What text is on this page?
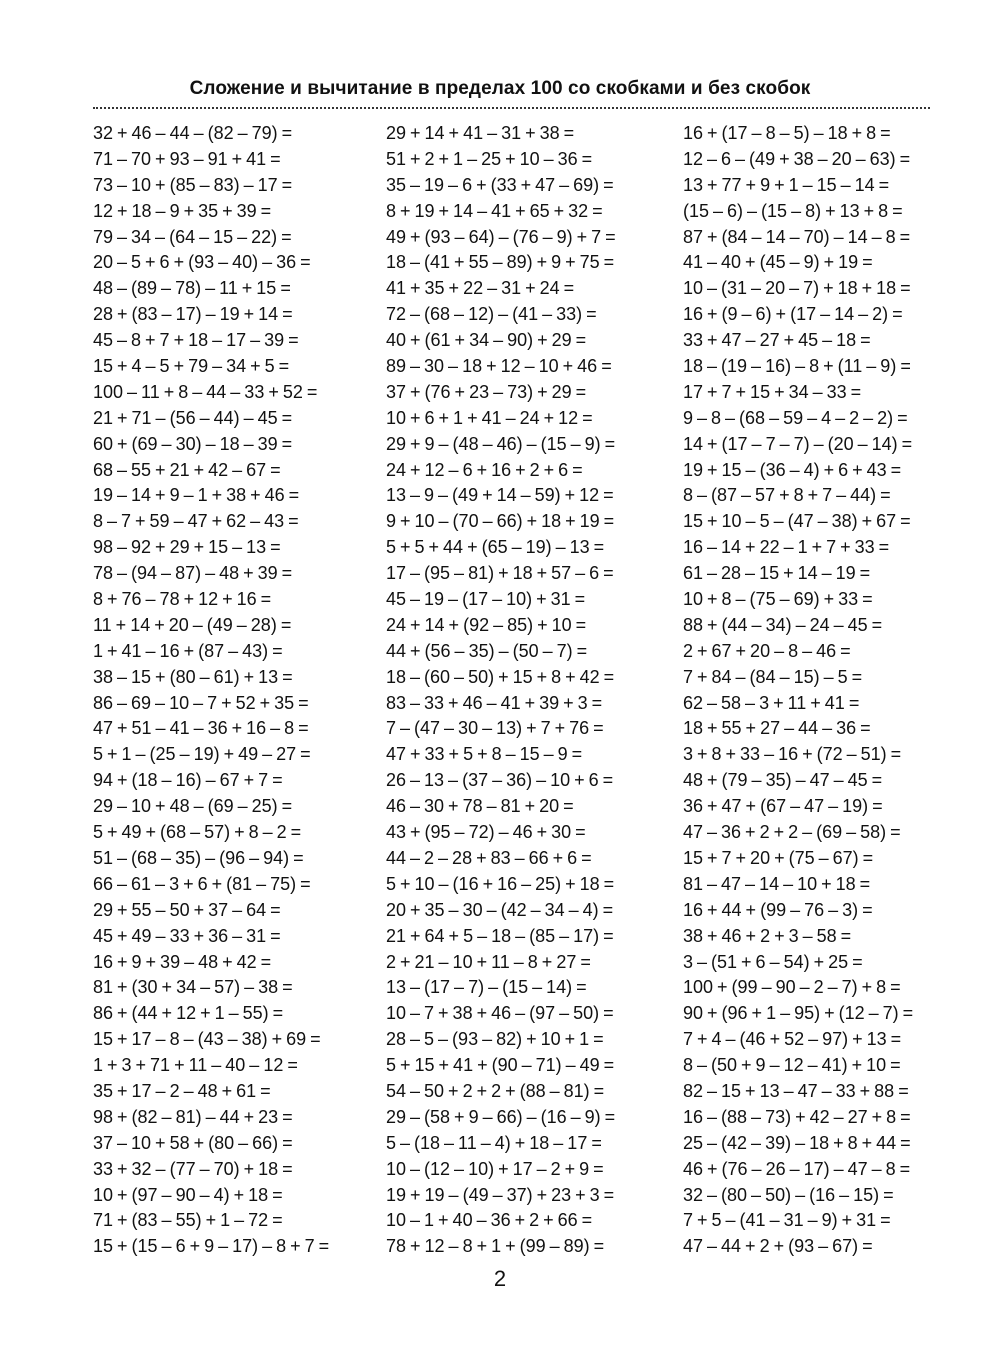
Сложение и вычитание в пределах 100 со скобками и без скобок
32 + 46 – 44 – (82 – 79) =
71 – 70 + 93 – 91 + 41 =
73 – 10 + (85 – 83) – 17 =
12 + 18 – 9 + 35 + 39 =
79 – 34 – (64 – 15 – 22) =
20 – 5 + 6 + (93 – 40) – 36 =
48 – (89 – 78) – 11 + 15 =
28 + (83 – 17) – 19 + 14 =
45 – 8 + 7 + 18 – 17 – 39 =
15 + 4 – 5 + 79 – 34 + 5 =
100 – 11 + 8 – 44 – 33 + 52 =
21 + 71 – (56 – 44) – 45 =
60 + (69 – 30) – 18 – 39 =
68 – 55 + 21 + 42 – 67 =
19 – 14 + 9 – 1 + 38 + 46 =
8 – 7 + 59 – 47 + 62 – 43 =
98 – 92 + 29 + 15 – 13 =
78 – (94 – 87) – 48 + 39 =
8 + 76 – 78 + 12 + 16 =
11 + 14 + 20 – (49 – 28) =
1 + 41 – 16 + (87 – 43) =
38 – 15 + (80 – 61) + 13 =
86 – 69 – 10 – 7 + 52 + 35 =
47 + 51 – 41 – 36 + 16 – 8 =
5 + 1 – (25 – 19) + 49 – 27 =
94 + (18 – 16) – 67 + 7 =
29 – 10 + 48 – (69 – 25) =
5 + 49 + (68 – 57) + 8 – 2 =
51 – (68 – 35) – (96 – 94) =
66 – 61 – 3 + 6 + (81 – 75) =
29 + 55 – 50 + 37 – 64 =
45 + 49 – 33 + 36 – 31 =
16 + 9 + 39 – 48 + 42 =
81 + (30 + 34 – 57) – 38 =
86 + (44 + 12 + 1 – 55) =
15 + 17 – 8 – (43 – 38) + 69 =
1 + 3 + 71 + 11 – 40 – 12 =
35 + 17 – 2 – 48 + 61 =
98 + (82 – 81) – 44 + 23 =
37 – 10 + 58 + (80 – 66) =
33 + 32 – (77 – 70) + 18 =
10 + (97 – 90 – 4) + 18 =
71 + (83 – 55) + 1 – 72 =
15 + (15 – 6 + 9 – 17) – 8 + 7 =
29 + 14 + 41 – 31 + 38 =
51 + 2 + 1 – 25 + 10 – 36 =
35 – 19 – 6 + (33 + 47 – 69) =
8 + 19 + 14 – 41 + 65 + 32 =
49 + (93 – 64) – (76 – 9) + 7 =
18 – (41 + 55 – 89) + 9 + 75 =
41 + 35 + 22 – 31 + 24 =
72 – (68 – 12) – (41 – 33) =
40 + (61 + 34 – 90) + 29 =
89 – 30 – 18 + 12 – 10 + 46 =
37 + (76 + 23 – 73) + 29 =
10 + 6 + 1 + 41 – 24 + 12 =
29 + 9 – (48 – 46) – (15 – 9) =
24 + 12 – 6 + 16 + 2 + 6 =
13 – 9 – (49 + 14 – 59) + 12 =
9 + 10 – (70 – 66) + 18 + 19 =
5 + 5 + 44 + (65 – 19) – 13 =
17 – (95 – 81) + 18 + 57 – 6 =
45 – 19 – (17 – 10) + 31 =
24 + 14 + (92 – 85) + 10 =
44 + (56 – 35) – (50 – 7) =
18 – (60 – 50) + 15 + 8 + 42 =
83 – 33 + 46 – 41 + 39 + 3 =
7 – (47 – 30 – 13) + 7 + 76 =
47 + 33 + 5 + 8 – 15 – 9 =
26 – 13 – (37 – 36) – 10 + 6 =
46 – 30 + 78 – 81 + 20 =
43 + (95 – 72) – 46 + 30 =
44 – 2 – 28 + 83 – 66 + 6 =
5 + 10 – (16 + 16 – 25) + 18 =
20 + 35 – 30 – (42 – 34 – 4) =
21 + 64 + 5 – 18 – (85 – 17) =
2 + 21 – 10 + 11 – 8 + 27 =
13 – (17 – 7) – (15 – 14) =
10 – 7 + 38 + 46 – (97 – 50) =
28 – 5 – (93 – 82) + 10 + 1 =
5 + 15 + 41 + (90 – 71) – 49 =
54 – 50 + 2 + 2 + (88 – 81) =
29 – (58 + 9 – 66) – (16 – 9) =
5 – (18 – 11 – 4) + 18 – 17 =
10 – (12 – 10) + 17 – 2 + 9 =
19 + 19 – (49 – 37) + 23 + 3 =
10 – 1 + 40 – 36 + 2 + 66 =
78 + 12 – 8 + 1 + (99 – 89) =
16 + (17 – 8 – 5) – 18 + 8 =
12 – 6 – (49 + 38 – 20 – 63) =
13 + 77 + 9 + 1 – 15 – 14 =
(15 – 6) – (15 – 8) + 13 + 8 =
87 + (84 – 14 – 70) – 14 – 8 =
41 – 40 + (45 – 9) + 19 =
10 – (31 – 20 – 7) + 18 + 18 =
16 + (9 – 6) + (17 – 14 – 2) =
33 + 47 – 27 + 45 – 18 =
18 – (19 – 16) – 8 + (11 – 9) =
17 + 7 + 15 + 34 – 33 =
9 – 8 – (68 – 59 – 4 – 2 – 2) =
14 + (17 – 7 – 7) – (20 – 14) =
19 + 15 – (36 – 4) + 6 + 43 =
8 – (87 – 57 + 8 + 7 – 44) =
15 + 10 – 5 – (47 – 38) + 67 =
16 – 14 + 22 – 1 + 7 + 33 =
61 – 28 – 15 + 14 – 19 =
10 + 8 – (75 – 69) + 33 =
88 + (44 – 34) – 24 – 45 =
2 + 67 + 20 – 8 – 46 =
7 + 84 – (84 – 15) – 5 =
62 – 58 – 3 + 11 + 41 =
18 + 55 + 27 – 44 – 36 =
3 + 8 + 33 – 16 + (72 – 51) =
48 + (79 – 35) – 47 – 45 =
36 + 47 + (67 – 47 – 19) =
47 – 36 + 2 + 2 – (69 – 58) =
15 + 7 + 20 + (75 – 67) =
81 – 47 – 14 – 10 + 18 =
16 + 44 + (99 – 76 – 3) =
38 + 46 + 2 + 3 – 58 =
3 – (51 + 6 – 54) + 25 =
100 + (99 – 90 – 2 – 7) + 8 =
90 + (96 + 1 – 95) + (12 – 7) =
7 + 4 – (46 + 52 – 97) + 13 =
8 – (50 + 9 – 12 – 41) + 10 =
82 – 15 + 13 – 47 – 33 + 88 =
16 – (88 – 73) + 42 – 27 + 8 =
25 – (42 – 39) – 18 + 8 + 44 =
46 + (76 – 26 – 17) – 47 – 8 =
32 – (80 – 50) – (16 – 15) =
7 + 5 – (41 – 31 – 9) + 31 =
47 – 44 + 2 + (93 – 67) =
2
